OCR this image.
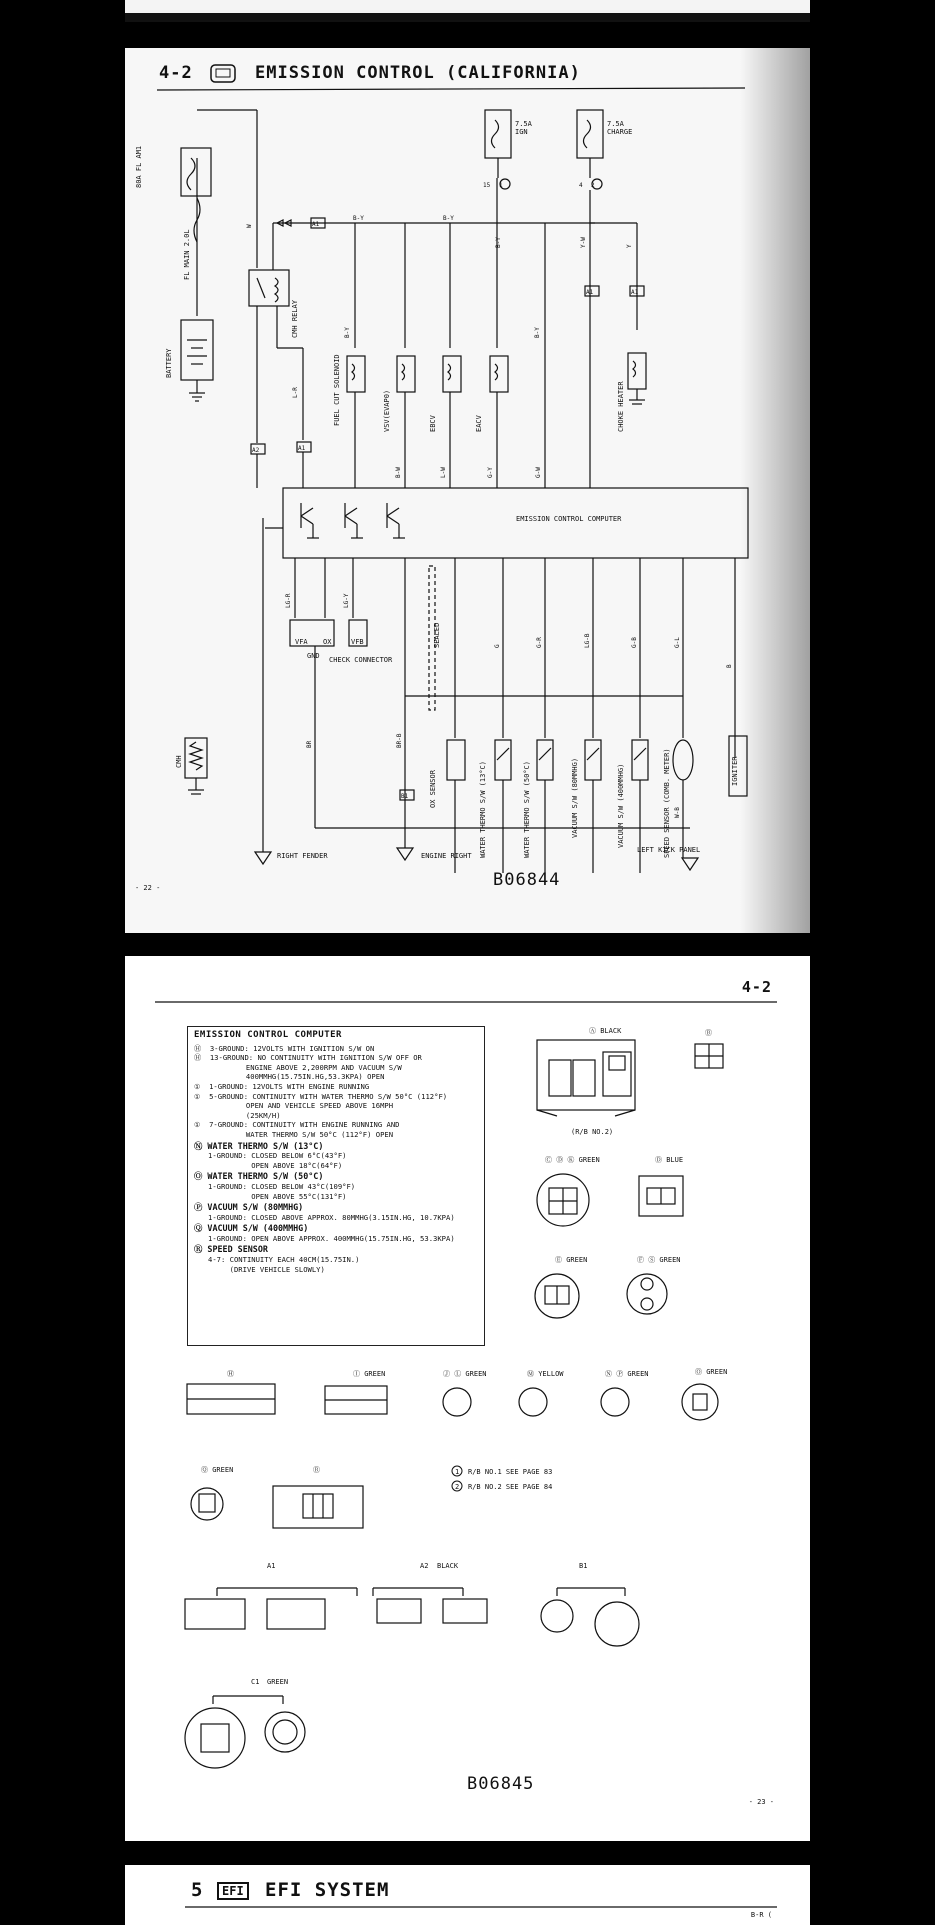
4-2	EMISSION CONTROL (CALIFORNIA)
80A FL AM1
FL MAIN 2.0L
BATTERY
CMH RELAY
7.5A
IGN
7.5A
CHARGE
FUEL CUT SOLENOID	VSV(EVAP0)	EBCV	EACV	CHOKE HEATER
EMISSION CONTROL COMPUTER
VFA OX
GND
VFB
CHECK CONNECTOR
SEALED
OX SENSOR	WATER THERMO S/W (13°C)	WATER THERMO S/W (50°C)	VACUUM S/W (80MMHG)	VACUUM S/W (400MMHG)	SPEED SENSOR (COMB. METER)	IGNITER
CMH
RIGHT FENDER	ENGINE RIGHT
LEFT KICK PANEL
A1
A2	A1
B1
A1	A1
1	2
15	4
B-Y	B-Y
B-Y
B-Y	B-Y
Y-W	Y
W
L-R
B-W	L-W	G-Y	G-W
LG-R	LG-Y
G	G-R	LG-B	G-B	G-L
BR	BR-B
B
W-B
B06844
- 22 -
4-2
EMISSION CONTROL COMPUTER
Ⓗ  3-GROUND: 12VOLTS WITH IGNITION S/W ON
Ⓗ  13-GROUND: NO CONTINUITY WITH IGNITION S/W OFF OR
ENGINE ABOVE 2,200RPM AND VACUUM S/W
400MMHG(15.75IN.HG,53.3KPA) OPEN
①  1-GROUND: 12VOLTS WITH ENGINE RUNNING
①  5-GROUND: CONTINUITY WITH WATER THERMO S/W 50°C (112°F)
OPEN AND VEHICLE SPEED ABOVE 16MPH
(25KM/H)
①  7-GROUND: CONTINUITY WITH ENGINE RUNNING AND
WATER THERMO S/W 50°C (112°F) OPEN
Ⓝ WATER THERMO S/W (13°C)
1-GROUND: CLOSED BELOW 6°C(43°F)
OPEN ABOVE 18°C(64°F)
Ⓞ WATER THERMO S/W (50°C)
1-GROUND: CLOSED BELOW 43°C(109°F)
OPEN ABOVE 55°C(131°F)
Ⓟ VACUUM S/W (80MMHG)
1-GROUND: CLOSED ABOVE APPROX. 80MMHG(3.15IN.HG, 10.7KPA)
Ⓠ VACUUM S/W (400MMHG)
1-GROUND: OPEN ABOVE APPROX. 400MMHG(15.75IN.HG, 53.3KPA)
Ⓡ SPEED SENSOR
4-7: CONTINUITY EACH 40CM(15.75IN.)
(DRIVE VEHICLE SLOWLY)
Ⓐ BLACK	Ⓑ
(R/B NO.2)
Ⓒ Ⓓ Ⓚ GREEN	Ⓓ BLUE
Ⓔ GREEN	Ⓕ Ⓢ GREEN
Ⓗ	Ⓘ GREEN	Ⓙ Ⓛ GREEN	Ⓜ YELLOW	Ⓝ Ⓟ GREEN	Ⓞ GREEN
Ⓠ GREEN	Ⓡ
A1	A2 BLACK	B1
C1 GREEN
1 R/B NO.1 SEE PAGE 83
2 R/B NO.2 SEE PAGE 84
B06845
- 23 -
5	EFI EFI SYSTEM
B-R (
